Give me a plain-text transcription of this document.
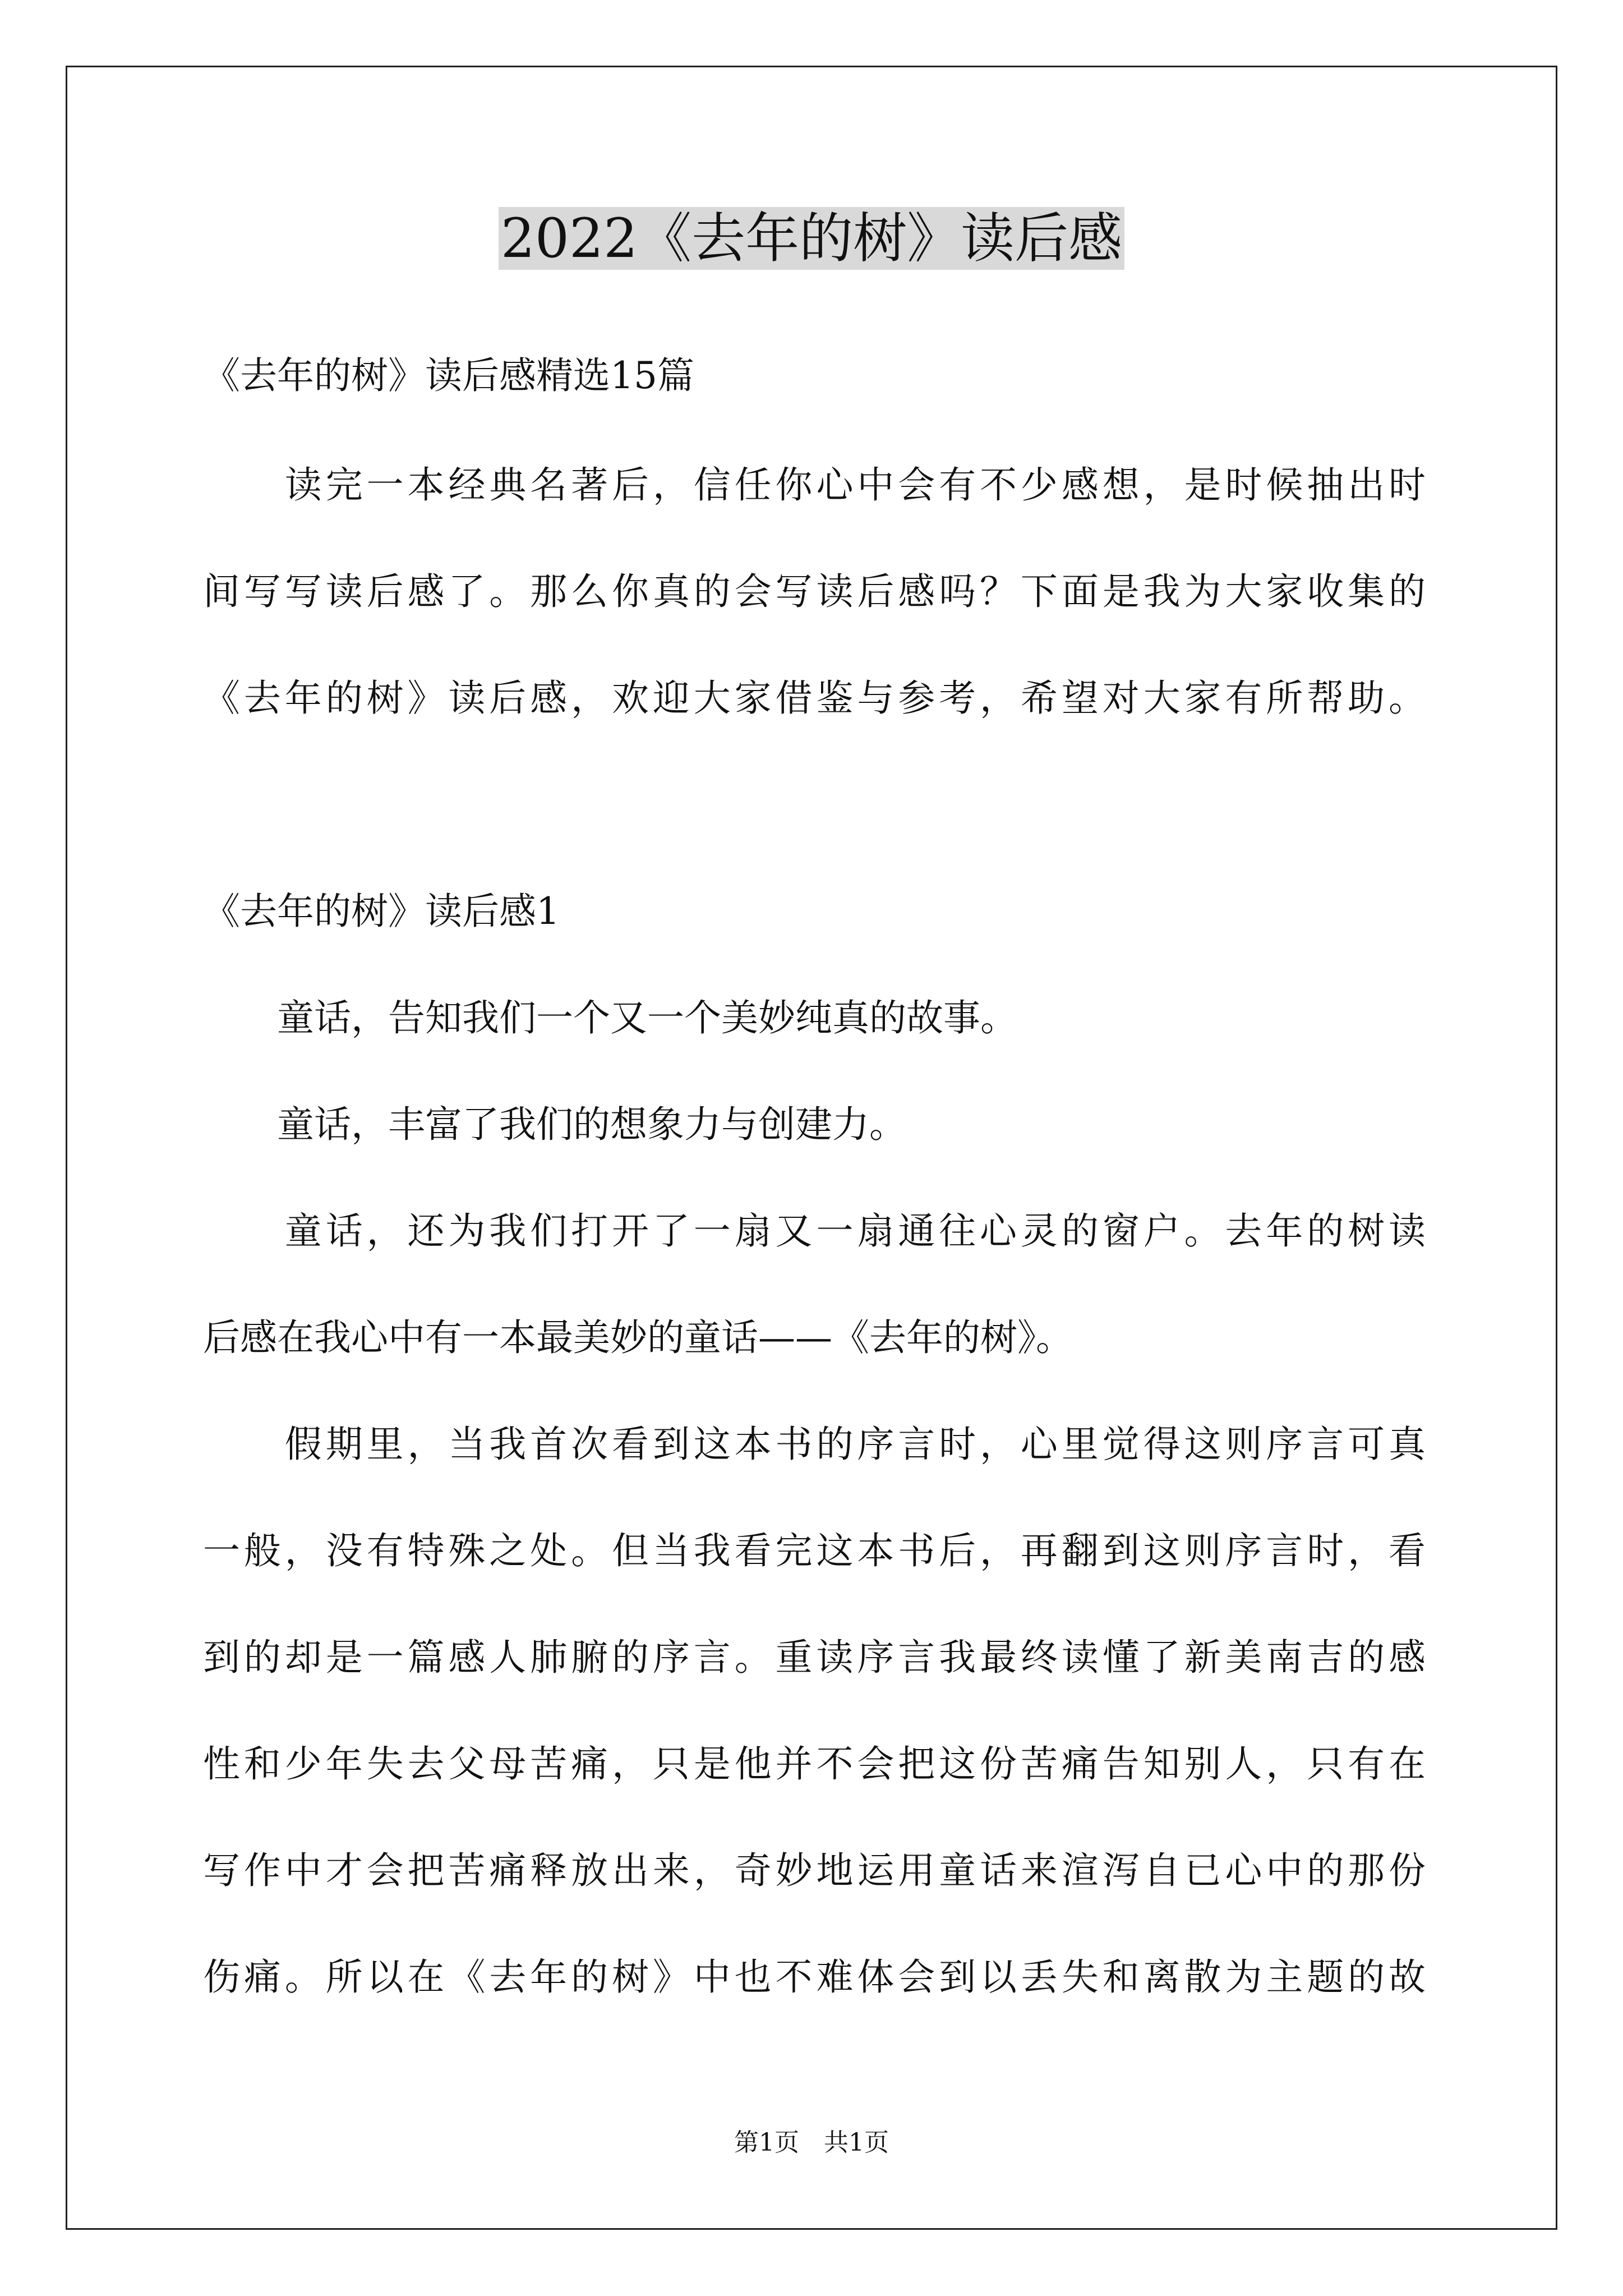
2022《去年的树》读后感
《去年的树》读后感精选15篇
　　读完一本经典名著后，信任你心中会有不少感想，是时候抽出时
间写写读后感了。那么你真的会写读后感吗？下面是我为大家收集的
《去年的树》读后感，欢迎大家借鉴与参考，希望对大家有所帮助。
《去年的树》读后感1
　　童话，告知我们一个又一个美妙纯真的故事。
　　童话，丰富了我们的想象力与创建力。
　　童话，还为我们打开了一扇又一扇通往心灵的窗户。去年的树读
后感在我心中有一本最美妙的童话——《去年的树》。
　　假期里，当我首次看到这本书的序言时，心里觉得这则序言可真
一般，没有特殊之处。但当我看完这本书后，再翻到这则序言时，看
到的却是一篇感人肺腑的序言。重读序言我最终读懂了新美南吉的感
性和少年失去父母苦痛，只是他并不会把这份苦痛告知别人，只有在
写作中才会把苦痛释放出来，奇妙地运用童话来渲泻自已心中的那份
伤痛。所以在《去年的树》中也不难体会到以丢失和离散为主题的故
第1页　共1页
